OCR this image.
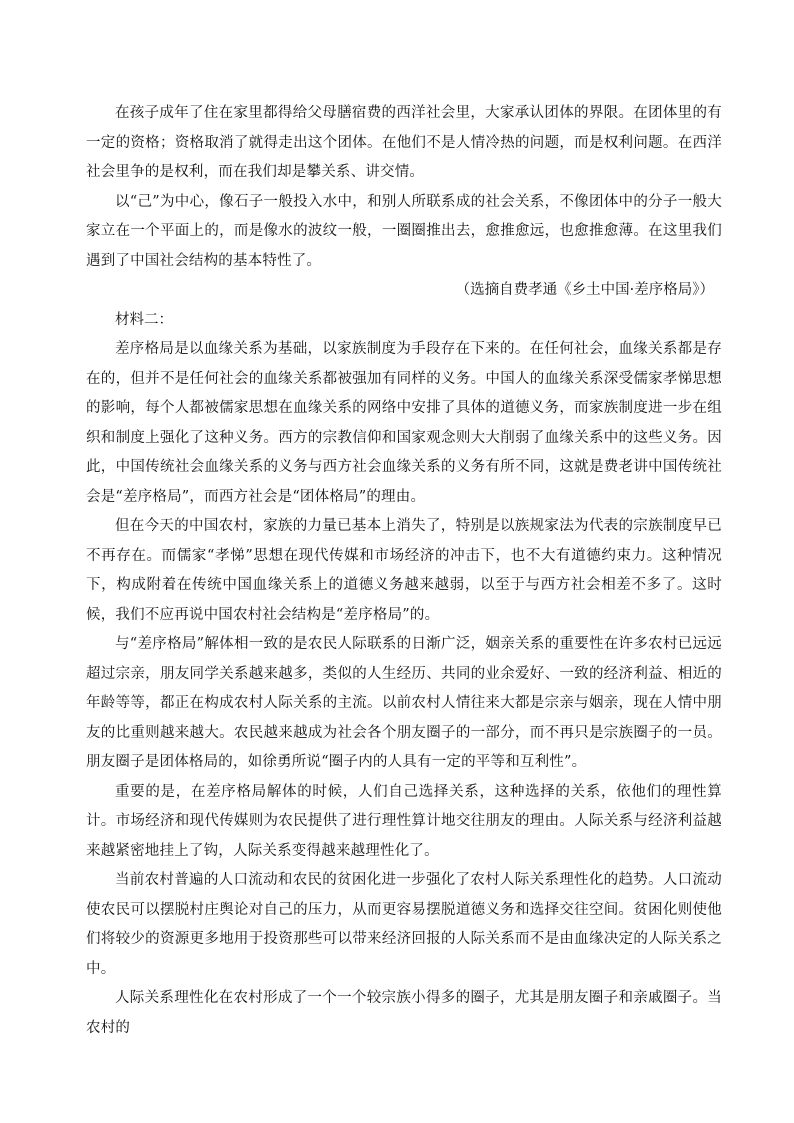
在孩子成年了住在家里都得给父母膳宿费的西洋社会里，大家承认团体的界限。在团体里的有一定的资格；资格取消了就得走出这个团体。在他们不是人情冷热的问题，而是权利问题。在西洋社会里争的是权利，而在我们却是攀关系、讲交情。

以“己”为中心，像石子一般投入水中，和别人所联系成的社会关系，不像团体中的分子一般大家立在一个平面上的，而是像水的波纹一般，一圈圈推出去，愈推愈远，也愈推愈薄。在这里我们遇到了中国社会结构的基本特性了。

（选摘自费孝通《乡土中国·差序格局》）

材料二：

差序格局是以血缘关系为基础，以家族制度为手段存在下来的。在任何社会，血缘关系都是存在的，但并不是任何社会的血缘关系都被强加有同样的义务。中国人的血缘关系深受儒家孝悌思想的影响，每个人都被儒家思想在血缘关系的网络中安排了具体的道德义务，而家族制度进一步在组织和制度上强化了这种义务。西方的宗教信仰和国家观念则大大削弱了血缘关系中的这些义务。因此，中国传统社会血缘关系的义务与西方社会血缘关系的义务有所不同，这就是费老讲中国传统社会是“差序格局”，而西方社会是“团体格局”的理由。

但在今天的中国农村，家族的力量已基本上消失了，特别是以族规家法为代表的宗族制度早已不再存在。而儒家“孝悌”思想在现代传媒和市场经济的冲击下，也不大有道德约束力。这种情况下，构成附着在传统中国血缘关系上的道德义务越来越弱，以至于与西方社会相差不多了。这时候，我们不应再说中国农村社会结构是“差序格局”的。

与“差序格局”解体相一致的是农民人际联系的日渐广泛，姻亲关系的重要性在许多农村已远远超过宗亲，朋友同学关系越来越多，类似的人生经历、共同的业余爱好、一致的经济利益、相近的年龄等等，都正在构成农村人际关系的主流。以前农村人情往来大都是宗亲与姻亲，现在人情中朋友的比重则越来越大。农民越来越成为社会各个朋友圈子的一部分，而不再只是宗族圈子的一员。朋友圈子是团体格局的，如徐勇所说“圈子内的人具有一定的平等和互利性”。

重要的是，在差序格局解体的时候，人们自己选择关系，这种选择的关系，依他们的理性算计。市场经济和现代传媒则为农民提供了进行理性算计地交往朋友的理由。人际关系与经济利益越来越紧密地挂上了钩，人际关系变得越来越理性化了。

当前农村普遍的人口流动和农民的贫困化进一步强化了农村人际关系理性化的趋势。人口流动使农民可以摆脱村庄舆论对自己的压力，从而更容易摆脱道德义务和选择交往空间。贫困化则使他们将较少的资源更多地用于投资那些可以带来经济回报的人际关系而不是由血缘决定的人际关系之中。

人际关系理性化在农村形成了一个一个较宗族小得多的圈子，尤其是朋友圈子和亲戚圈子。当农村的
